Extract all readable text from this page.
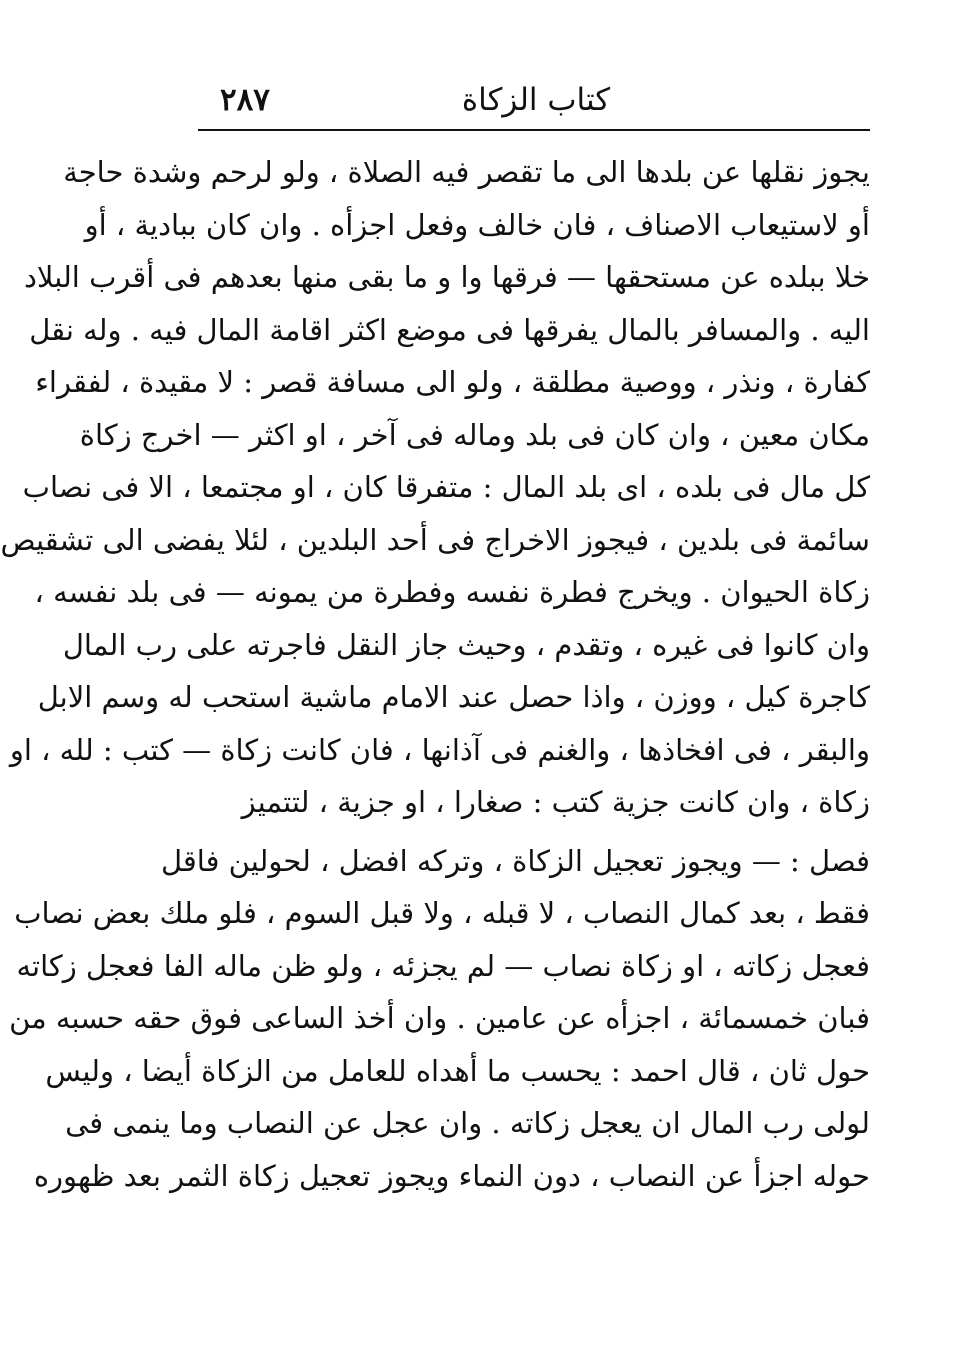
٢٨٧	كتاب الزكاة
يجوز نقلها عن بلدها الى ما تقصر فيه الصلاة ، ولو لرحم وشدة حاجة
أو لاستيعاب الاصناف ، فان خالف وفعل اجزأه . وان كان ببادية ، أو
خلا ببلده عن مستحقها — فرقها وا و ما بقى منها بعدهم فى أقرب البلاد
اليه . والمسافر بالمال يفرقها فى موضع اكثر اقامة المال فيه . وله نقل
كفارة ، ونذر ، ووصية مطلقة ، ولو الى مسافة قصر : لا مقيدة ، لفقراء
مكان معين ، وان كان فى بلد وماله فى آخر ، او اكثر — اخرج زكاة
كل مال فى بلده ، اى بلد المال : متفرقا كان ، او مجتمعا ، الا فى نصاب
سائمة فى بلدين ، فيجوز الاخراج فى أحد البلدين ، لئلا يفضى الى تشقيص
زكاة الحيوان . ويخرج فطرة نفسه وفطرة من يمونه — فى بلد نفسه ،
وان كانوا فى غيره ، وتقدم ، وحيث جاز النقل فاجرته على رب المال
كاجرة كيل ، ووزن ، واذا حصل عند الامام ماشية استحب له وسم الابل
والبقر ، فى افخاذها ، والغنم فى آذانها ، فان كانت زكاة — كتب : لله ، او
زكاة ، وان كانت جزية كتب : صغارا ، او جزية ، لتتميز
فصل : — ويجوز تعجيل الزكاة ، وتركه افضل ، لحولين فاقل
فقط ، بعد كمال النصاب ، لا قبله ، ولا قبل السوم ، فلو ملك بعض نصاب
فعجل زكاته ، او زكاة نصاب — لم يجزئه ، ولو ظن ماله الفا فعجل زكاته
فبان خمسمائة ، اجزأه عن عامين . وان أخذ الساعى فوق حقه حسبه من
حول ثان ، قال احمد : يحسب ما أهداه للعامل من الزكاة أيضا ، وليس
لولى رب المال ان يعجل زكاته . وان عجل عن النصاب وما ينمى فى
حوله اجزأ عن النصاب ، دون النماء ويجوز تعجيل زكاة الثمر بعد ظهوره
